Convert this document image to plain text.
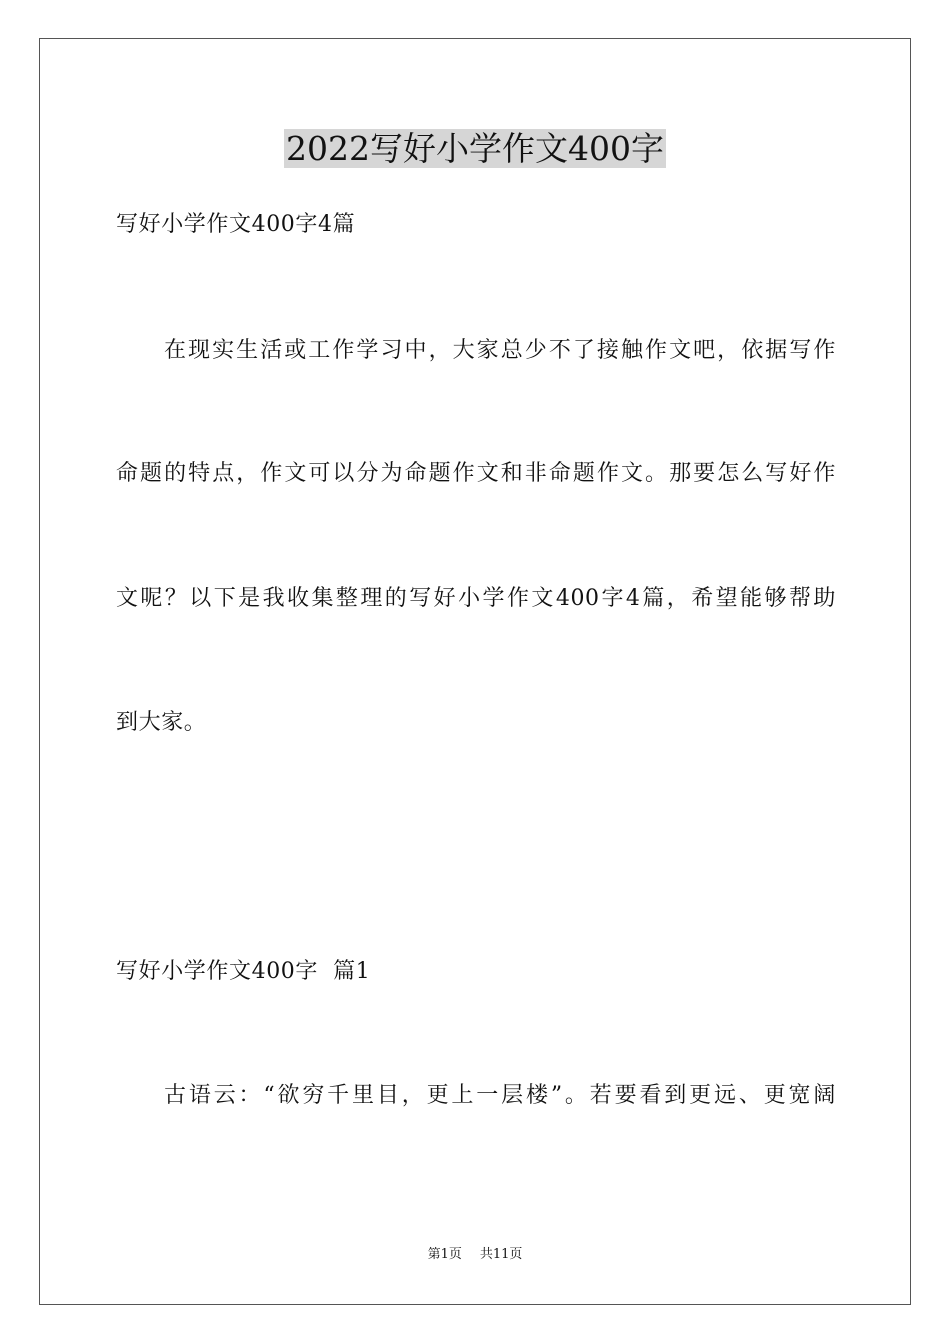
2022写好小学作文400字
写好小学作文400字4篇
在现实生活或工作学习中，大家总少不了接触作文吧，依据写作
命题的特点，作文可以分为命题作文和非命题作文。那要怎么写好作
文呢？以下是我收集整理的写好小学作文400字4篇，希望能够帮助
到大家。
写好小学作文400字  篇1
古语云：“欲穷千里目，更上一层楼”。若要看到更远、更宽阔
第1页 共11页
